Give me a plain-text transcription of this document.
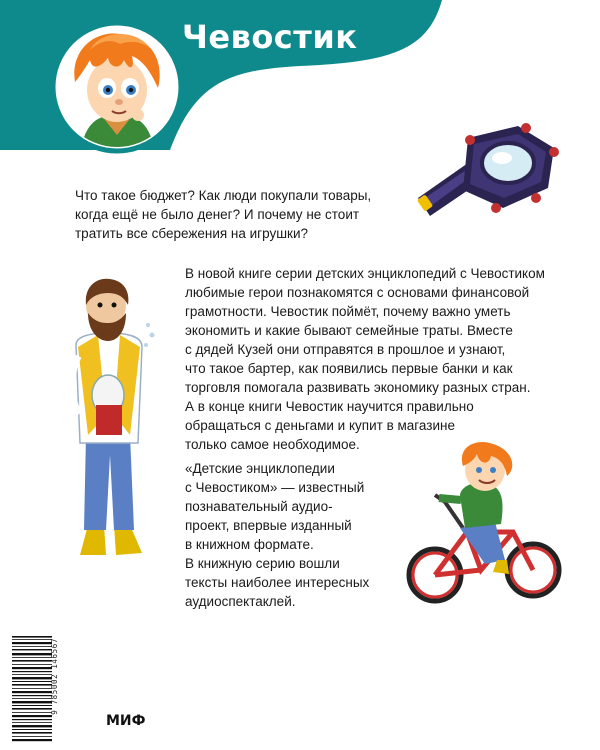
Чевостик
Что такое бюджет? Как люди покупали товары,
когда ещё не было денег? И почему не стоит
тратить все сбережения на игрушки?
В новой книге серии детских энциклопедий с Чевостиком
любимые герои познакомятся с основами финансовой
грамотности. Чевостик поймёт, почему важно уметь
экономить и какие бывают семейные траты. Вместе
с дядей Кузей они отправятся в прошлое и узнают,
что такое бартер, как появились первые банки и как
торговля помогала развивать экономику разных стран.
А в конце книги Чевостик научится правильно
обращаться с деньгами и купит в магазине
только самое необходимое.
«Детские энциклопедии
с Чевостиком» — известный
познавательный аудио-
проект, впервые изданный
в книжном формате.
В книжную серию вошли
тексты наиболее интересных
аудиоспектаклей.
9 785002 146567
МИФ
